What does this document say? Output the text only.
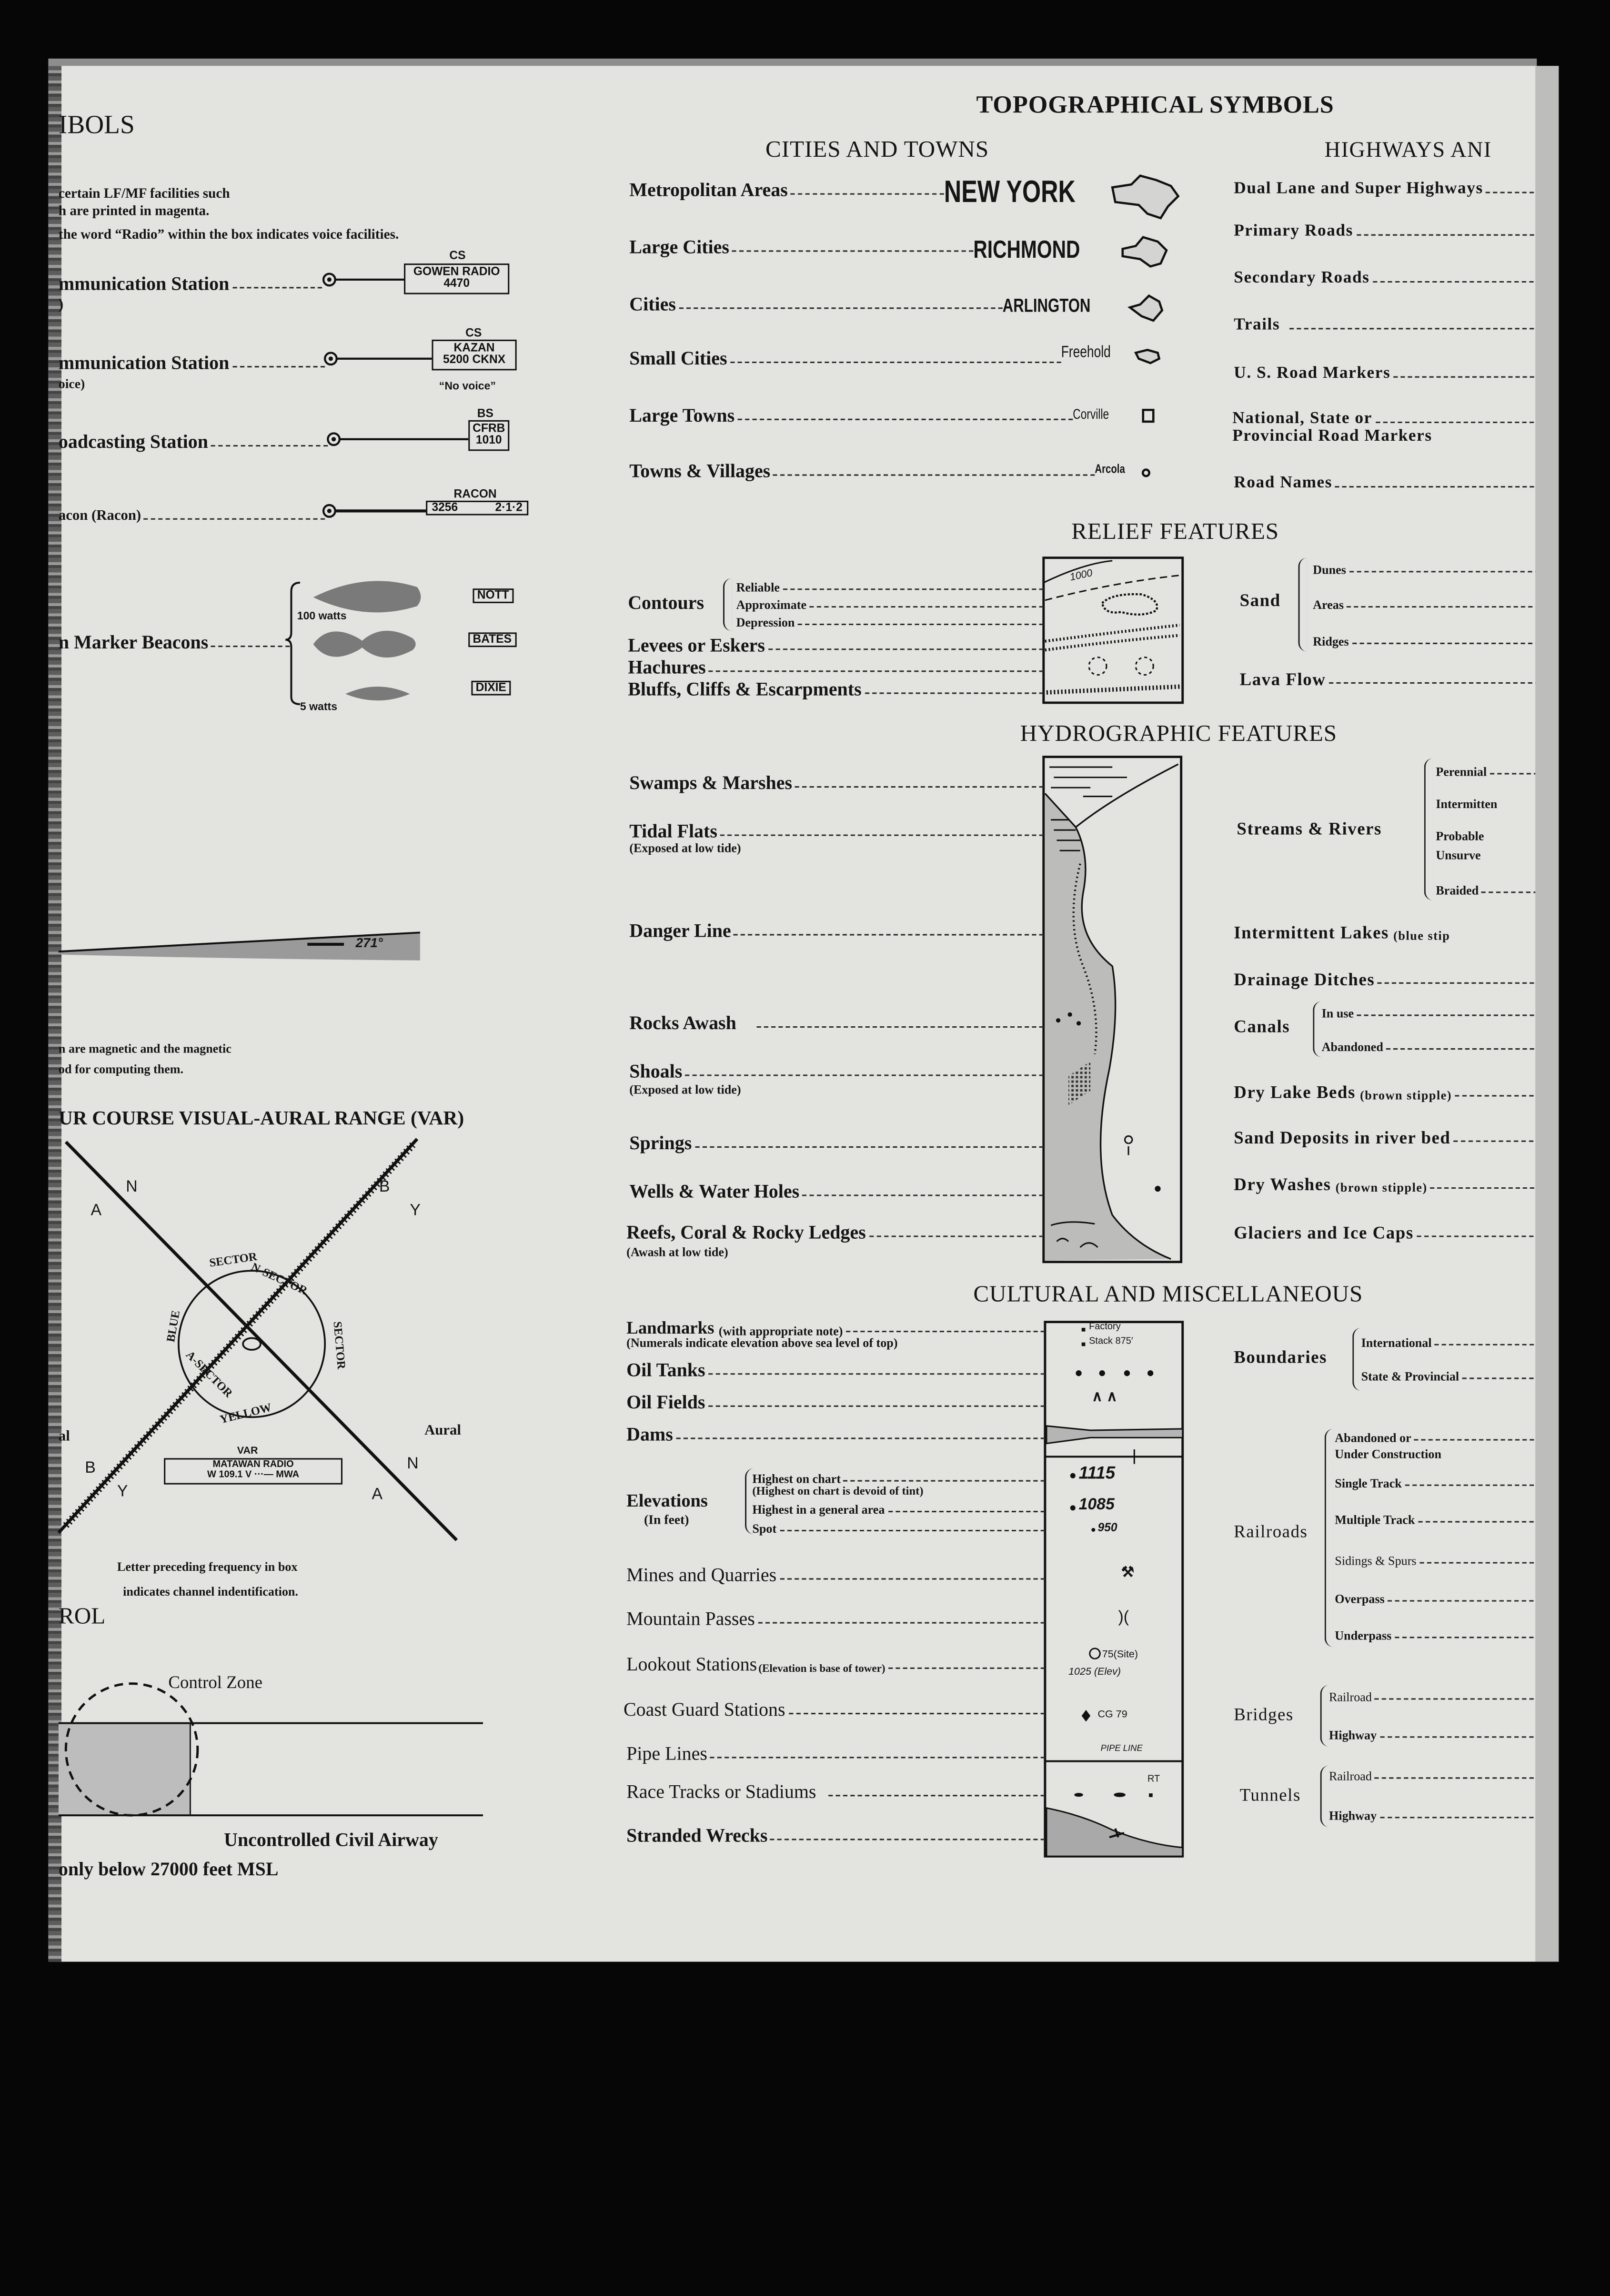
IBOLS
certain LF/MF facilities such
h are printed in magenta.
the word “Radio” within the box indicates voice facilities.
mmunication Station
CS
GOWEN RADIO
4470
)
mmunication Station
CS
KAZAN
5200 CKNX
“No voice”
oice)
oadcasting Station
BS
CFRB
1010
acon (Racon)
RACON
3256	2·1·2
n Marker Beacons
100 watts
5 watts
NOTT
BATES
DIXIE
271°
n are magnetic and the magnetic
od for computing them.
UR COURSE VISUAL-AURAL RANGE (VAR)
A
N	B
Y
B
Y	A
N
SECTOR
N-SECTOR
SECTOR
BLUE
A-SECTOR
YELLOW
Aural
al
VAR
MATAWAN RADIO
W 109.1 V ···— MWA
Letter preceding frequency in box
indicates channel indentification.
ROL
Control Zone
Uncontrolled Civil Airway
only below 27000 feet MSL
TOPOGRAPHICAL SYMBOLS
CITIES AND TOWNS
Metropolitan Areas	NEW YORK
Large Cities	RICHMOND
Cities	ARLINGTON
Small Cities	Freehold
Large Towns	Corville
Towns & Villages	Arcola
RELIEF FEATURES
Contours
Reliable
Approximate
Depression
Levees or Eskers
Hachures
Bluffs, Cliffs & Escarpments
1000
HYDROGRAPHIC FEATURES
Swamps & Marshes
Tidal Flats
(Exposed at low tide)
Danger Line
Rocks Awash
Shoals
(Exposed at low tide)
Springs
Wells & Water Holes
Reefs, Coral & Rocky Ledges
(Awash at low tide)
CULTURAL AND MISCELLANEOUS
Landmarks (with appropriate note)
(Numerals indicate elevation above sea level of top)
Oil Tanks
Oil Fields
Dams
Elevations
(In feet)
Highest on chart
(Highest on chart is devoid of tint)
Highest in a general area
Spot
Mines and Quarries
Mountain Passes
Lookout Stations (Elevation is base of tower)
Coast Guard Stations
Pipe Lines
Race Tracks or Stadiums
Stranded Wrecks
Factory
Stack 875′
∧ ∧
1115
1085
950
⚒
)(
75(Site)
1025 (Elev)
CG 79
PIPE LINE
RT
HIGHWAYS ANI
Dual Lane and Super Highways
Primary Roads
Secondary Roads
Trails
U. S. Road Markers
National, State or
Provincial Road Markers
Road Names
Sand
Dunes
Areas
Ridges
Lava Flow
Streams & Rivers
Perennial
Intermitten
Probable
Unsurve
Braided
Intermittent Lakes (blue stip
Drainage Ditches
Canals
In use
Abandoned
Dry Lake Beds (brown stipple)
Sand Deposits in river bed
Dry Washes (brown stipple)
Glaciers and Ice Caps
Boundaries
International
State & Provincial
Railroads
Abandoned or
Under Construction
Single Track
Multiple Track
Sidings & Spurs
Overpass
Underpass
Bridges
Railroad
Highway
Tunnels
Railroad
Highway
